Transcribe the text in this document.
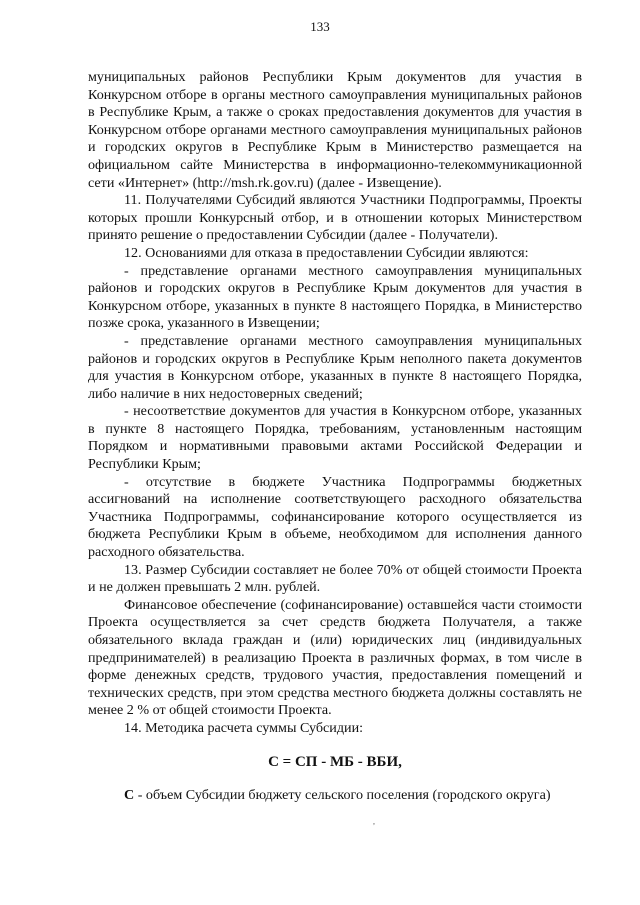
133

муниципальных районов Республики Крым документов для участия в Конкурсном отборе в органы местного самоуправления муниципальных районов в Республике Крым, а также о сроках предоставления документов для участия в Конкурсном отборе органами местного самоуправления муниципальных районов и городских округов в Республике Крым в Министерство размещается на официальном сайте Министерства в информационно-телекоммуникационной сети «Интернет» (http://msh.rk.gov.ru) (далее - Извещение).

11. Получателями Субсидий являются Участники Подпрограммы, Проекты которых прошли Конкурсный отбор, и в отношении которых Министерством принято решение о предоставлении Субсидии (далее - Получатели).

12. Основаниями для отказа в предоставлении Субсидии являются:

- представление органами местного самоуправления муниципальных районов и городских округов в Республике Крым документов для участия в Конкурсном отборе, указанных в пункте 8 настоящего Порядка, в Министерство позже срока, указанного в Извещении;

- представление органами местного самоуправления муниципальных районов и городских округов в Республике Крым неполного пакета документов для участия в Конкурсном отборе, указанных в пункте 8 настоящего Порядка, либо наличие в них недостоверных сведений;

- несоответствие документов для участия в Конкурсном отборе, указанных в пункте 8 настоящего Порядка, требованиям, установленным настоящим Порядком и нормативными правовыми актами Российской Федерации и Республики Крым;

- отсутствие в бюджете Участника Подпрограммы бюджетных ассигнований на исполнение соответствующего расходного обязательства Участника Подпрограммы, софинансирование которого осуществляется из бюджета Республики Крым в объеме, необходимом для исполнения данного расходного обязательства.

13. Размер Субсидии составляет не более 70% от общей стоимости Проекта и не должен превышать 2 млн. рублей.

Финансовое обеспечение (софинансирование) оставшейся части стоимости Проекта осуществляется за счет средств бюджета Получателя, а также обязательного вклада граждан и (или) юридических лиц (индивидуальных предпринимателей) в реализацию Проекта в различных формах, в том числе в форме денежных средств, трудового участия, предоставления помещений и технических средств, при этом средства местного бюджета должны составлять не менее 2 % от общей стоимости Проекта.

14. Методика расчета суммы Субсидии:

С = СП - МБ - ВБИ,

С - объем Субсидии бюджету сельского поселения (городского округа)

,
